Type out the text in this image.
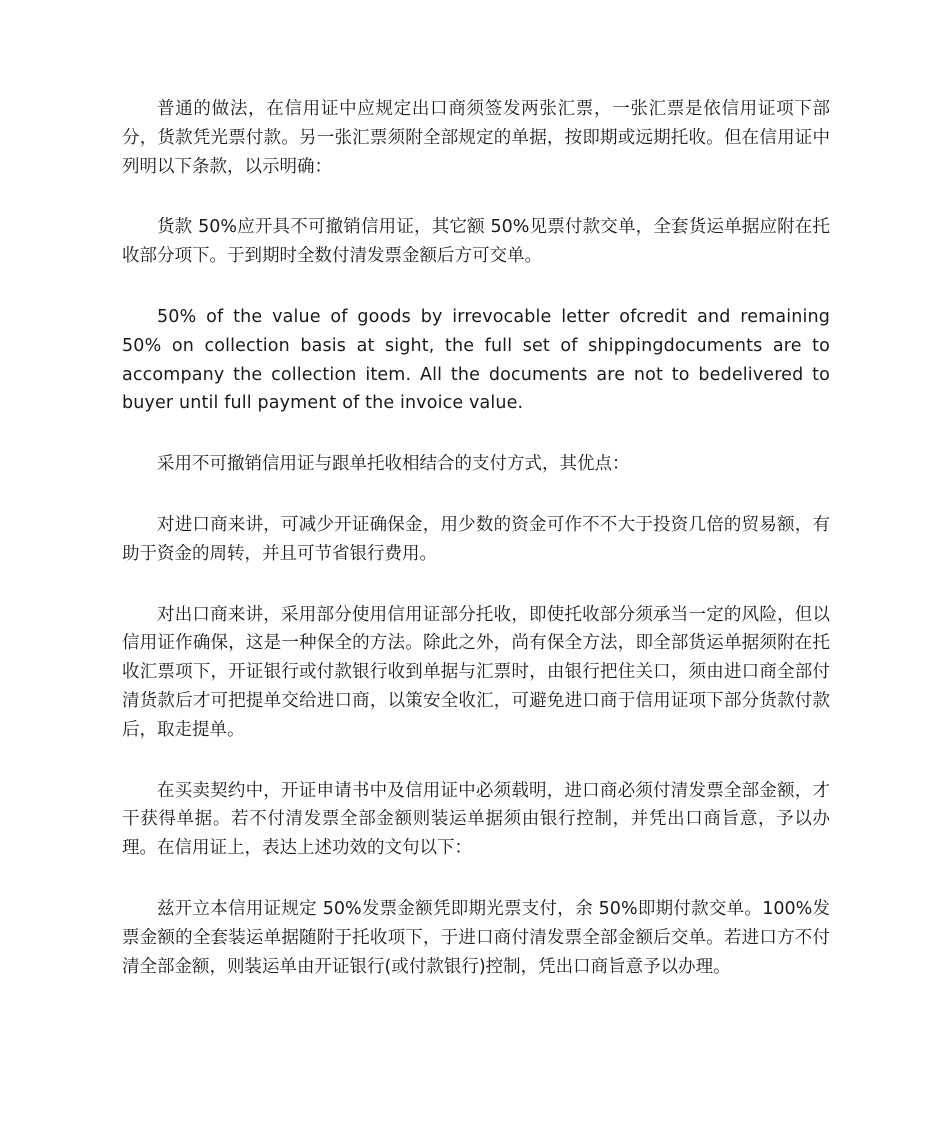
普通的做法，在信用证中应规定出口商须签发两张汇票，一张汇票是依信用证项下部分，货款凭光票付款。另一张汇票须附全部规定的单据，按即期或远期托收。但在信用证中列明以下条款，以示明确：

货款 50%应开具不可撤销信用证，其它额 50%见票付款交单，全套货运单据应附在托收部分项下。于到期时全数付清发票金额后方可交单。

50% of the value of goods by irrevocable letter ofcredit and remaining 50% on collection basis at sight, the full set of shippingdocuments are to accompany the collection item. All the documents are not to bedelivered to buyer until full payment of the invoice value.

采用不可撤销信用证与跟单托收相结合的支付方式，其优点：

对进口商来讲，可减少开证确保金，用少数的资金可作不不大于投资几倍的贸易额，有助于资金的周转，并且可节省银行费用。

对出口商来讲，采用部分使用信用证部分托收，即使托收部分须承当一定的风险，但以信用证作确保，这是一种保全的方法。除此之外，尚有保全方法，即全部货运单据须附在托收汇票项下，开证银行或付款银行收到单据与汇票时，由银行把住关口，须由进口商全部付清货款后才可把提单交给进口商，以策安全收汇，可避免进口商于信用证项下部分货款付款后，取走提单。

在买卖契约中，开证申请书中及信用证中必须载明，进口商必须付清发票全部金额，才干获得单据。若不付清发票全部金额则装运单据须由银行控制，并凭出口商旨意，予以办理。在信用证上，表达上述功效的文句以下：

兹开立本信用证规定 50%发票金额凭即期光票支付，余 50%即期付款交单。100%发票金额的全套装运单据随附于托收项下，于进口商付清发票全部金额后交单。若进口方不付清全部金额，则装运单由开证银行(或付款银行)控制，凭出口商旨意予以办理。
